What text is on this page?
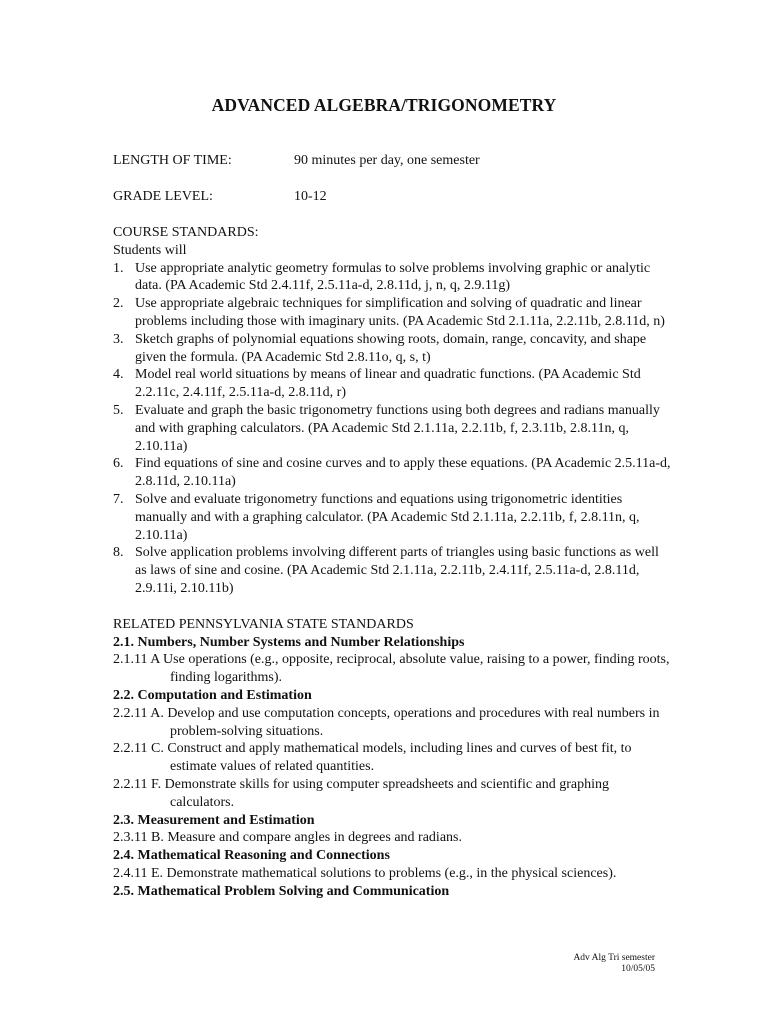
ADVANCED ALGEBRA/TRIGONOMETRY
LENGTH OF TIME:	90 minutes per day, one semester
GRADE LEVEL:	10-12
COURSE STANDARDS:
Students will
1. Use appropriate analytic geometry formulas to solve problems involving graphic or analytic data. (PA Academic Std 2.4.11f, 2.5.11a-d, 2.8.11d, j, n, q, 2.9.11g)
2. Use appropriate algebraic techniques for simplification and solving of quadratic and linear problems including those with imaginary units. (PA Academic Std 2.1.11a, 2.2.11b, 2.8.11d, n)
3. Sketch graphs of polynomial equations showing roots, domain, range, concavity, and shape given the formula. (PA Academic Std 2.8.11o, q, s, t)
4. Model real world situations by means of linear and quadratic functions. (PA Academic Std 2.2.11c, 2.4.11f, 2.5.11a-d, 2.8.11d, r)
5. Evaluate and graph the basic trigonometry functions using both degrees and radians manually and with graphing calculators. (PA Academic Std 2.1.11a, 2.2.11b, f, 2.3.11b, 2.8.11n, q, 2.10.11a)
6. Find equations of sine and cosine curves and to apply these equations. (PA Academic 2.5.11a-d, 2.8.11d, 2.10.11a)
7. Solve and evaluate trigonometry functions and equations using trigonometric identities manually and with a graphing calculator. (PA Academic Std 2.1.11a, 2.2.11b, f, 2.8.11n, q, 2.10.11a)
8. Solve application problems involving different parts of triangles using basic functions as well as laws of sine and cosine. (PA Academic Std 2.1.11a, 2.2.11b, 2.4.11f, 2.5.11a-d, 2.8.11d, 2.9.11i, 2.10.11b)
RELATED PENNSYLVANIA STATE STANDARDS
2.1. Numbers, Number Systems and Number Relationships
2.1.11 A Use operations (e.g., opposite, reciprocal, absolute value, raising to a power, finding roots, finding logarithms).
2.2. Computation and Estimation
2.2.11 A. Develop and use computation concepts, operations and procedures with real numbers in problem-solving situations.
2.2.11 C. Construct and apply mathematical models, including lines and curves of best fit, to estimate values of related quantities.
2.2.11 F. Demonstrate skills for using computer spreadsheets and scientific and graphing calculators.
2.3. Measurement and Estimation
2.3.11 B. Measure and compare angles in degrees and radians.
2.4. Mathematical Reasoning and Connections
2.4.11 E. Demonstrate mathematical solutions to problems (e.g., in the physical sciences).
2.5. Mathematical Problem Solving and Communication
Adv Alg Tri semester
10/05/05
